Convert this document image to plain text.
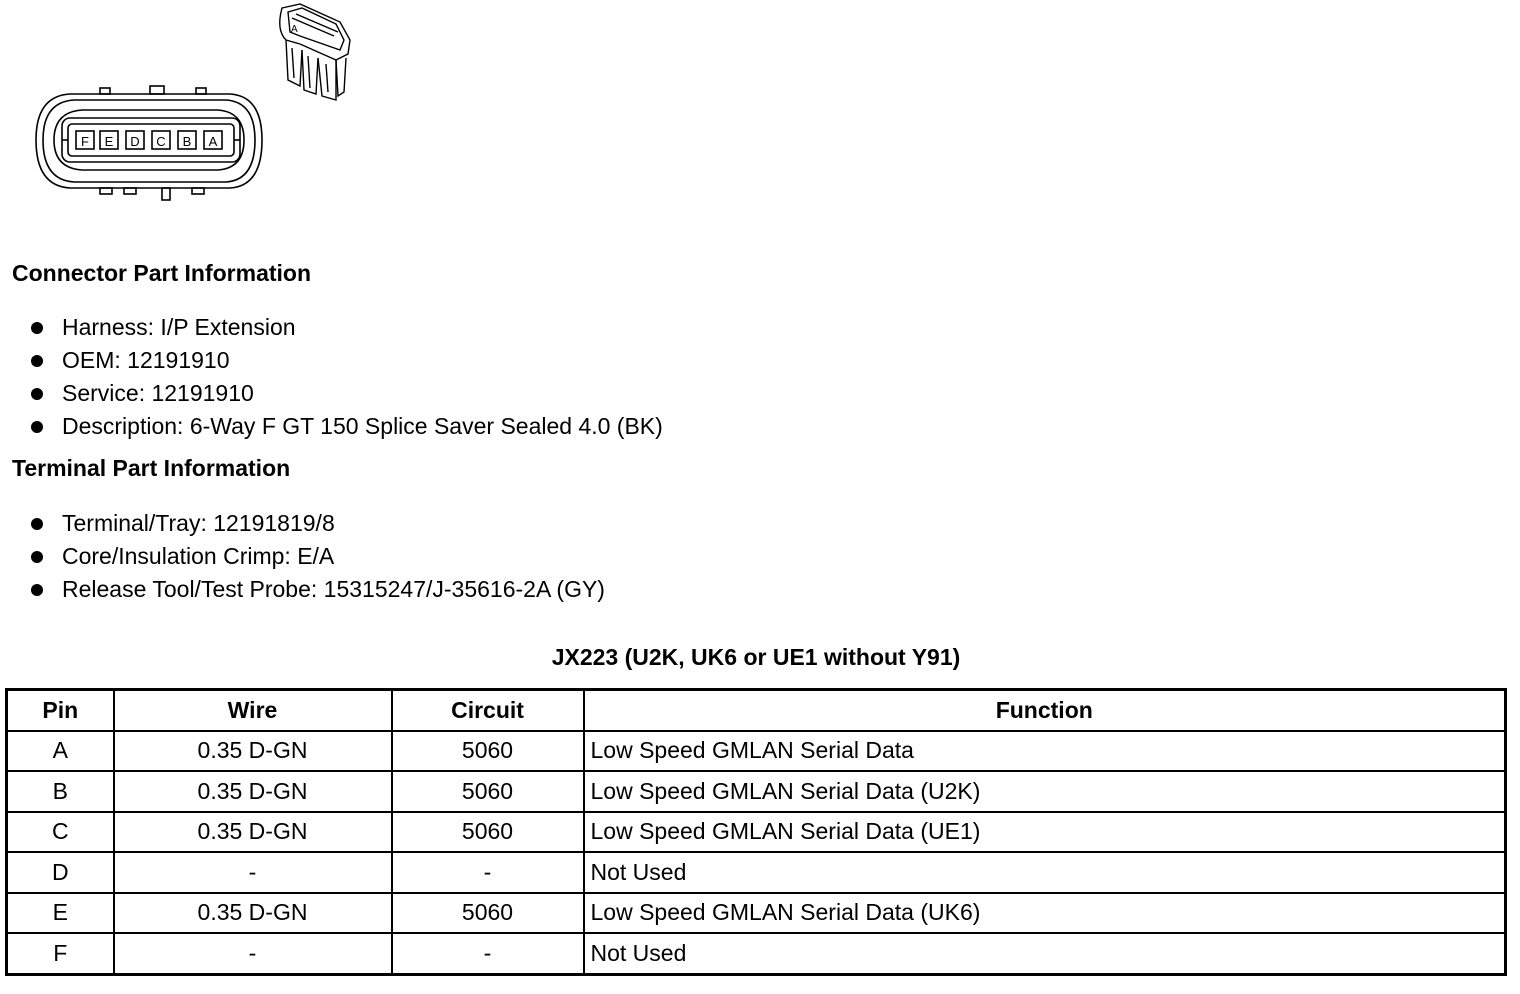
F E D C B A
A
Connector Part Information
Harness: I/P Extension
OEM: 12191910
Service: 12191910
Description: 6-Way F GT 150 Splice Saver Sealed 4.0 (BK)
Terminal Part Information
Terminal/Tray: 12191819/8
Core/Insulation Crimp: E/A
Release Tool/Test Probe: 15315247/J-35616-2A (GY)
JX223 (U2K, UK6 or UE1 without Y91)
Pin	Wire	Circuit	Function
A	0.35 D-GN	5060	Low Speed GMLAN Serial Data
B	0.35 D-GN	5060	Low Speed GMLAN Serial Data (U2K)
C	0.35 D-GN	5060	Low Speed GMLAN Serial Data (UE1)
D	-	-	Not Used
E	0.35 D-GN	5060	Low Speed GMLAN Serial Data (UK6)
F	-	-	Not Used
